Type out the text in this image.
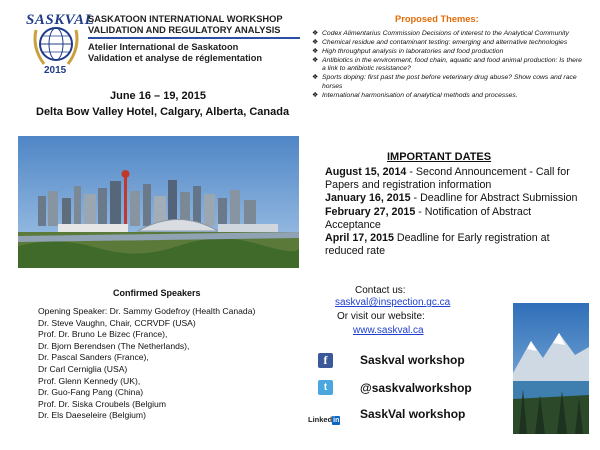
SASKVAL
2015
SASKATOON INTERNATIONAL WORKSHOP
VALIDATION AND REGULATORY ANALYSIS
Atelier International de Saskatoon
Validation et analyse de réglementation
June 16 – 19, 2015
Delta Bow Valley Hotel, Calgary, Alberta, Canada
Confirmed Speakers
Opening Speaker: Dr. Sammy Godefroy (Health Canada)
Dr. Steve Vaughn, Chair, CCRVDF (USA)
Prof. Dr. Bruno Le Bizec (France),
Dr. Bjorn Berendsen (The Netherlands),
Dr. Pascal Sanders (France),
Dr Carl Cerniglia (USA)
Prof. Glenn Kennedy (UK),
Dr. Guo-Fang Pang (China)
Prof. Dr. Siska Croubels (Belgium
Dr. Els Daeseleire (Belgium)
Proposed Themes:
❖ Codex Alimentarius Commission Decisions of interest to the Analytical Community
❖ Chemical residue and contaminant testing: emerging and alternative technologies
❖ High throughput analysis in laboratories and food production
❖ Antibiotics in the environment, food chain, aquatic and food animal production: Is there a link to antibiotic resistance?
❖ Sports doping: first past the post before veterinary drug abuse? Show cows and race horses
❖ International harmonisation of analytical methods and processes.
IMPORTANT DATES
August 15, 2014 - Second Announcement - Call for Papers and registration information
January 16, 2015 - Deadline for Abstract Submission
February 27, 2015 - Notification of Abstract Acceptance
April 17, 2015 Deadline for Early registration at reduced rate
Contact us:
saskval@inspection.gc.ca
Or visit our website:
www.saskval.ca
f	Saskval workshop
t	@saskvalworkshop
Linkedin	SaskVal workshop
